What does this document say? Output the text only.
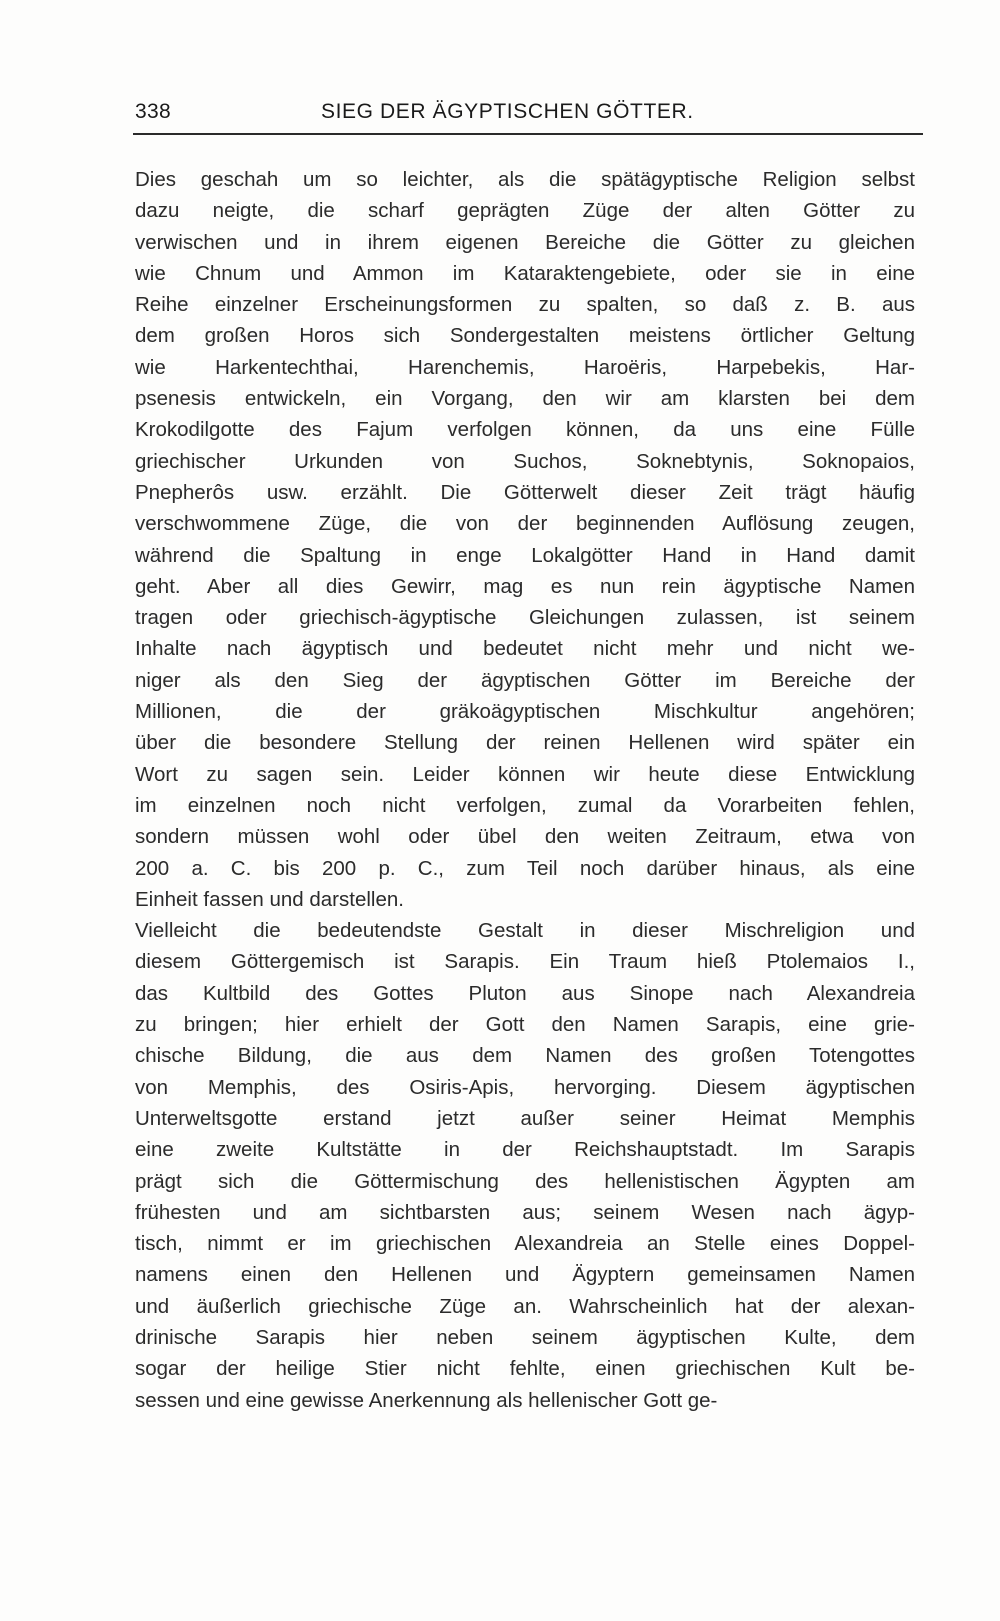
338	SIEG DER ÄGYPTISCHEN GÖTTER.
Dies geschah um so leichter, als die spätägyptische Religion selbst
dazu neigte, die scharf geprägten Züge der alten Götter zu
verwischen und in ihrem eigenen Bereiche die Götter zu gleichen
wie Chnum und Ammon im Kataraktengebiete, oder sie in eine
Reihe einzelner Erscheinungsformen zu spalten, so daß z. B. aus
dem großen Horos sich Sondergestalten meistens örtlicher Geltung
wie Harkentechthai, Harenchemis, Haroëris, Harpebekis, Har-
psenesis entwickeln, ein Vorgang, den wir am klarsten bei dem
Krokodilgotte des Fajum verfolgen können, da uns eine Fülle
griechischer Urkunden von Suchos, Soknebtynis, Soknopaios,
Pnepherôs usw. erzählt. Die Götterwelt dieser Zeit trägt häufig
verschwommene Züge, die von der beginnenden Auflösung zeugen,
während die Spaltung in enge Lokalgötter Hand in Hand damit
geht. Aber all dies Gewirr, mag es nun rein ägyptische Namen
tragen oder griechisch-ägyptische Gleichungen zulassen, ist seinem
Inhalte nach ägyptisch und bedeutet nicht mehr und nicht we-
niger als den Sieg der ägyptischen Götter im Bereiche der
Millionen, die der gräkoägyptischen Mischkultur angehören;
über die besondere Stellung der reinen Hellenen wird später ein
Wort zu sagen sein. Leider können wir heute diese Entwicklung
im einzelnen noch nicht verfolgen, zumal da Vorarbeiten fehlen,
sondern müssen wohl oder übel den weiten Zeitraum, etwa von
200 a. C. bis 200 p. C., zum Teil noch darüber hinaus, als eine
Einheit fassen und darstellen.
Vielleicht die bedeutendste Gestalt in dieser Mischreligion und
diesem Göttergemisch ist Sarapis. Ein Traum hieß Ptolemaios I.,
das Kultbild des Gottes Pluton aus Sinope nach Alexandreia
zu bringen; hier erhielt der Gott den Namen Sarapis, eine grie-
chische Bildung, die aus dem Namen des großen Totengottes
von Memphis, des Osiris-Apis, hervorging. Diesem ägyptischen
Unterweltsgotte erstand jetzt außer seiner Heimat Memphis
eine zweite Kultstätte in der Reichshauptstadt. Im Sarapis
prägt sich die Göttermischung des hellenistischen Ägypten am
frühesten und am sichtbarsten aus; seinem Wesen nach ägyp-
tisch, nimmt er im griechischen Alexandreia an Stelle eines Doppel-
namens einen den Hellenen und Ägyptern gemeinsamen Namen
und äußerlich griechische Züge an. Wahrscheinlich hat der alexan-
drinische Sarapis hier neben seinem ägyptischen Kulte, dem
sogar der heilige Stier nicht fehlte, einen griechischen Kult be-
sessen und eine gewisse Anerkennung als hellenischer Gott ge-
